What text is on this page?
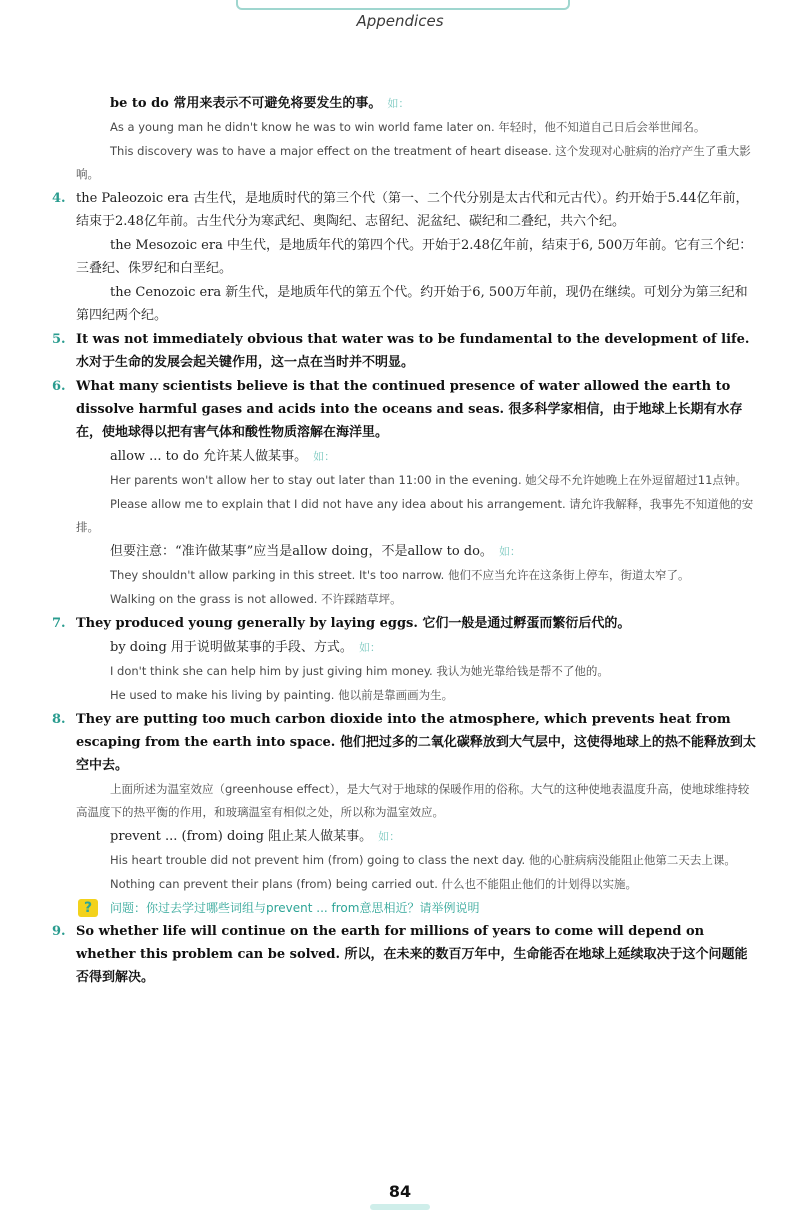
Appendices
be to do 常用来表示不可避免将要发生的事。 如：
As a young man he didn't know he was to win world fame later on. 年轻时，他不知道自己日后会举世闻名。
This discovery was to have a major effect on the treatment of heart disease. 这个发现对心脏病的治疗产生了重大影响。
4. the Paleozoic era 古生代，是地质时代的第三个代（第一、二个代分别是太古代和元古代）。约开始于5.44亿年前，结束于2.48亿年前。古生代分为寒武纪、奥陶纪、志留纪、泥盆纪、碳纪和二叠纪，共六个纪。
the Mesozoic era 中生代，是地质年代的第四个代。开始于2.48亿年前，结束于6, 500万年前。它有三个纪：三叠纪、侏罗纪和白垩纪。
the Cenozoic era 新生代，是地质年代的第五个代。约开始于6, 500万年前，现仍在继续。可划分为第三纪和第四纪两个纪。
5. It was not immediately obvious that water was to be fundamental to the development of life. 水对于生命的发展会起关键作用，这一点在当时并不明显。
6. What many scientists believe is that the continued presence of water allowed the earth to dissolve harmful gases and acids into the oceans and seas. 很多科学家相信，由于地球上长期有水存在，使地球得以把有害气体和酸性物质溶解在海洋里。
allow ... to do 允许某人做某事。 如：
Her parents won't allow her to stay out later than 11:00 in the evening. 她父母不允许她晚上在外逗留超过11点钟。
Please allow me to explain that I did not have any idea about his arrangement. 请允许我解释，我事先不知道他的安排。
但要注意：“准许做某事”应当是allow doing，不是allow to do。 如：
They shouldn't allow parking in this street. It's too narrow. 他们不应当允许在这条街上停车，街道太窄了。
Walking on the grass is not allowed. 不许踩踏草坪。
7. They produced young generally by laying eggs. 它们一般是通过孵蛋而繁衍后代的。
by doing 用于说明做某事的手段、方式。 如：
I don't think she can help him by just giving him money. 我认为她光靠给钱是帮不了他的。
He used to make his living by painting. 他以前是靠画画为生。
8. They are putting too much carbon dioxide into the atmosphere, which prevents heat from escaping from the earth into space. 他们把过多的二氧化碳释放到大气层中，这使得地球上的热不能释放到太空中去。
上面所述为温室效应（greenhouse effect），是大气对于地球的保暖作用的俗称。大气的这种使地表温度升高，使地球维持较高温度下的热平衡的作用，和玻璃温室有相似之处，所以称为温室效应。
prevent ... (from) doing 阻止某人做某事。 如：
His heart trouble did not prevent him (from) going to class the next day. 他的心脏病病没能阻止他第二天去上课。
Nothing can prevent their plans (from) being carried out. 什么也不能阻止他们的计划得以实施。
?	问题：你过去学过哪些词组与prevent ... from意思相近？请举例说明
9. So whether life will continue on the earth for millions of years to come will depend on whether this problem can be solved. 所以，在未来的数百万年中，生命能否在地球上延续取决于这个问题能否得到解决。
84
